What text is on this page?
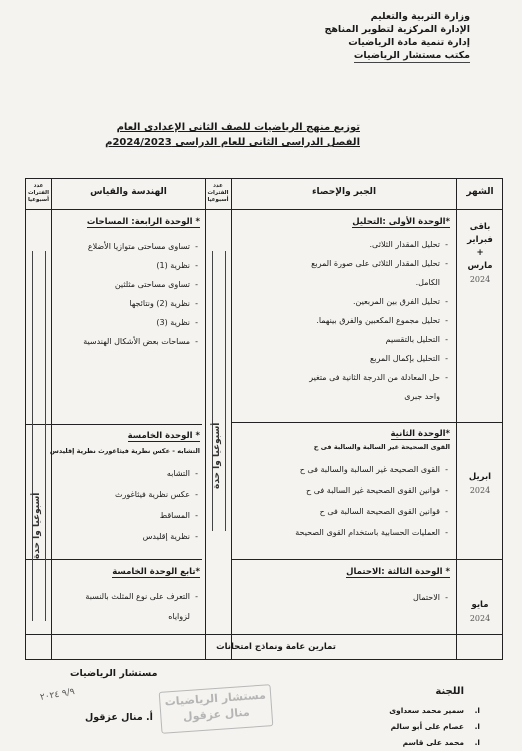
وزارة التربية والتعليم
الإدارة المركزية لتطوير المناهج
إدارة تنمية مادة الرياضيات
مكتب مستشار الرياضيات
توزيع منهج الرياضيات للصف الثانى الإعدادى العام
الفصل الدراسى الثانى للعام الدراسى 2024/2023م
الشهر
الجبر والإحصاء
عدد الفترات أسبوعيا
الهندسة والقياس
عدد الفترات أسبوعيا
باقى
فبراير
+
مارس
2024
ابريل
2024
مايو
2024
*الوحدة الأولى :التحليل
- تحليل المقدار الثلاثى.
- تحليل المقدار الثلاثى على صورة المربع
الكامل.
- تحليل الفرق بين المربعين.
- تحليل مجموع المكعبين والفرق بينهما.
- التحليل بالتقسيم
- التحليل بإكمال المربع
- حل المعادلة من الدرجة الثانية فى متغير
واحد جبرى
*الوحدة الثانية
القوى الصحيحة غير السالبة والسالبة فى ح
- القوى الصحيحة غير السالبة والسالبة فى ح
- قوانين القوى الصحيحة غير السالبة فى ح
- قوانين القوى الصحيحة السالبة فى ح
- العمليات الحسابية باستخدام القوى الصحيحة
* الوحدة الثالثة :الاحتمال
- الاحتمال
* الوحدة الرابعة: المساحات
- تساوى مساحتى متوازيا الأضلاع
- نظرية (1)
- تساوى مساحتى مثلثين
- نظرية (2) ونتائجها
- نظرية (3)
- مساحات بعض الأشكال الهندسية
* الوحدة الخامسة
التشابه - عكس نظرية فيثاغورث نظرية إقليدس
- التشابه
- عكس نظرية فيثاغورث
- المساقط
- نظرية إقليدس
*تابع الوحدة الخامسة
- التعرف على نوع المثلث بالنسبة
لزواياه
أسبوعيا وا حدة
أسبوعيا وا حدة
تمارين عامة ونماذج امتحانات
اللجنة
ا. سمير محمد سعداوى
ا. عصام على أبو سالم
ا. محمد على قاسم
مستشار الرياضيات
مستشار الرياضيات
منال عزقول
٩/٩ ٢٠٢٤
أ. منال عزقول
